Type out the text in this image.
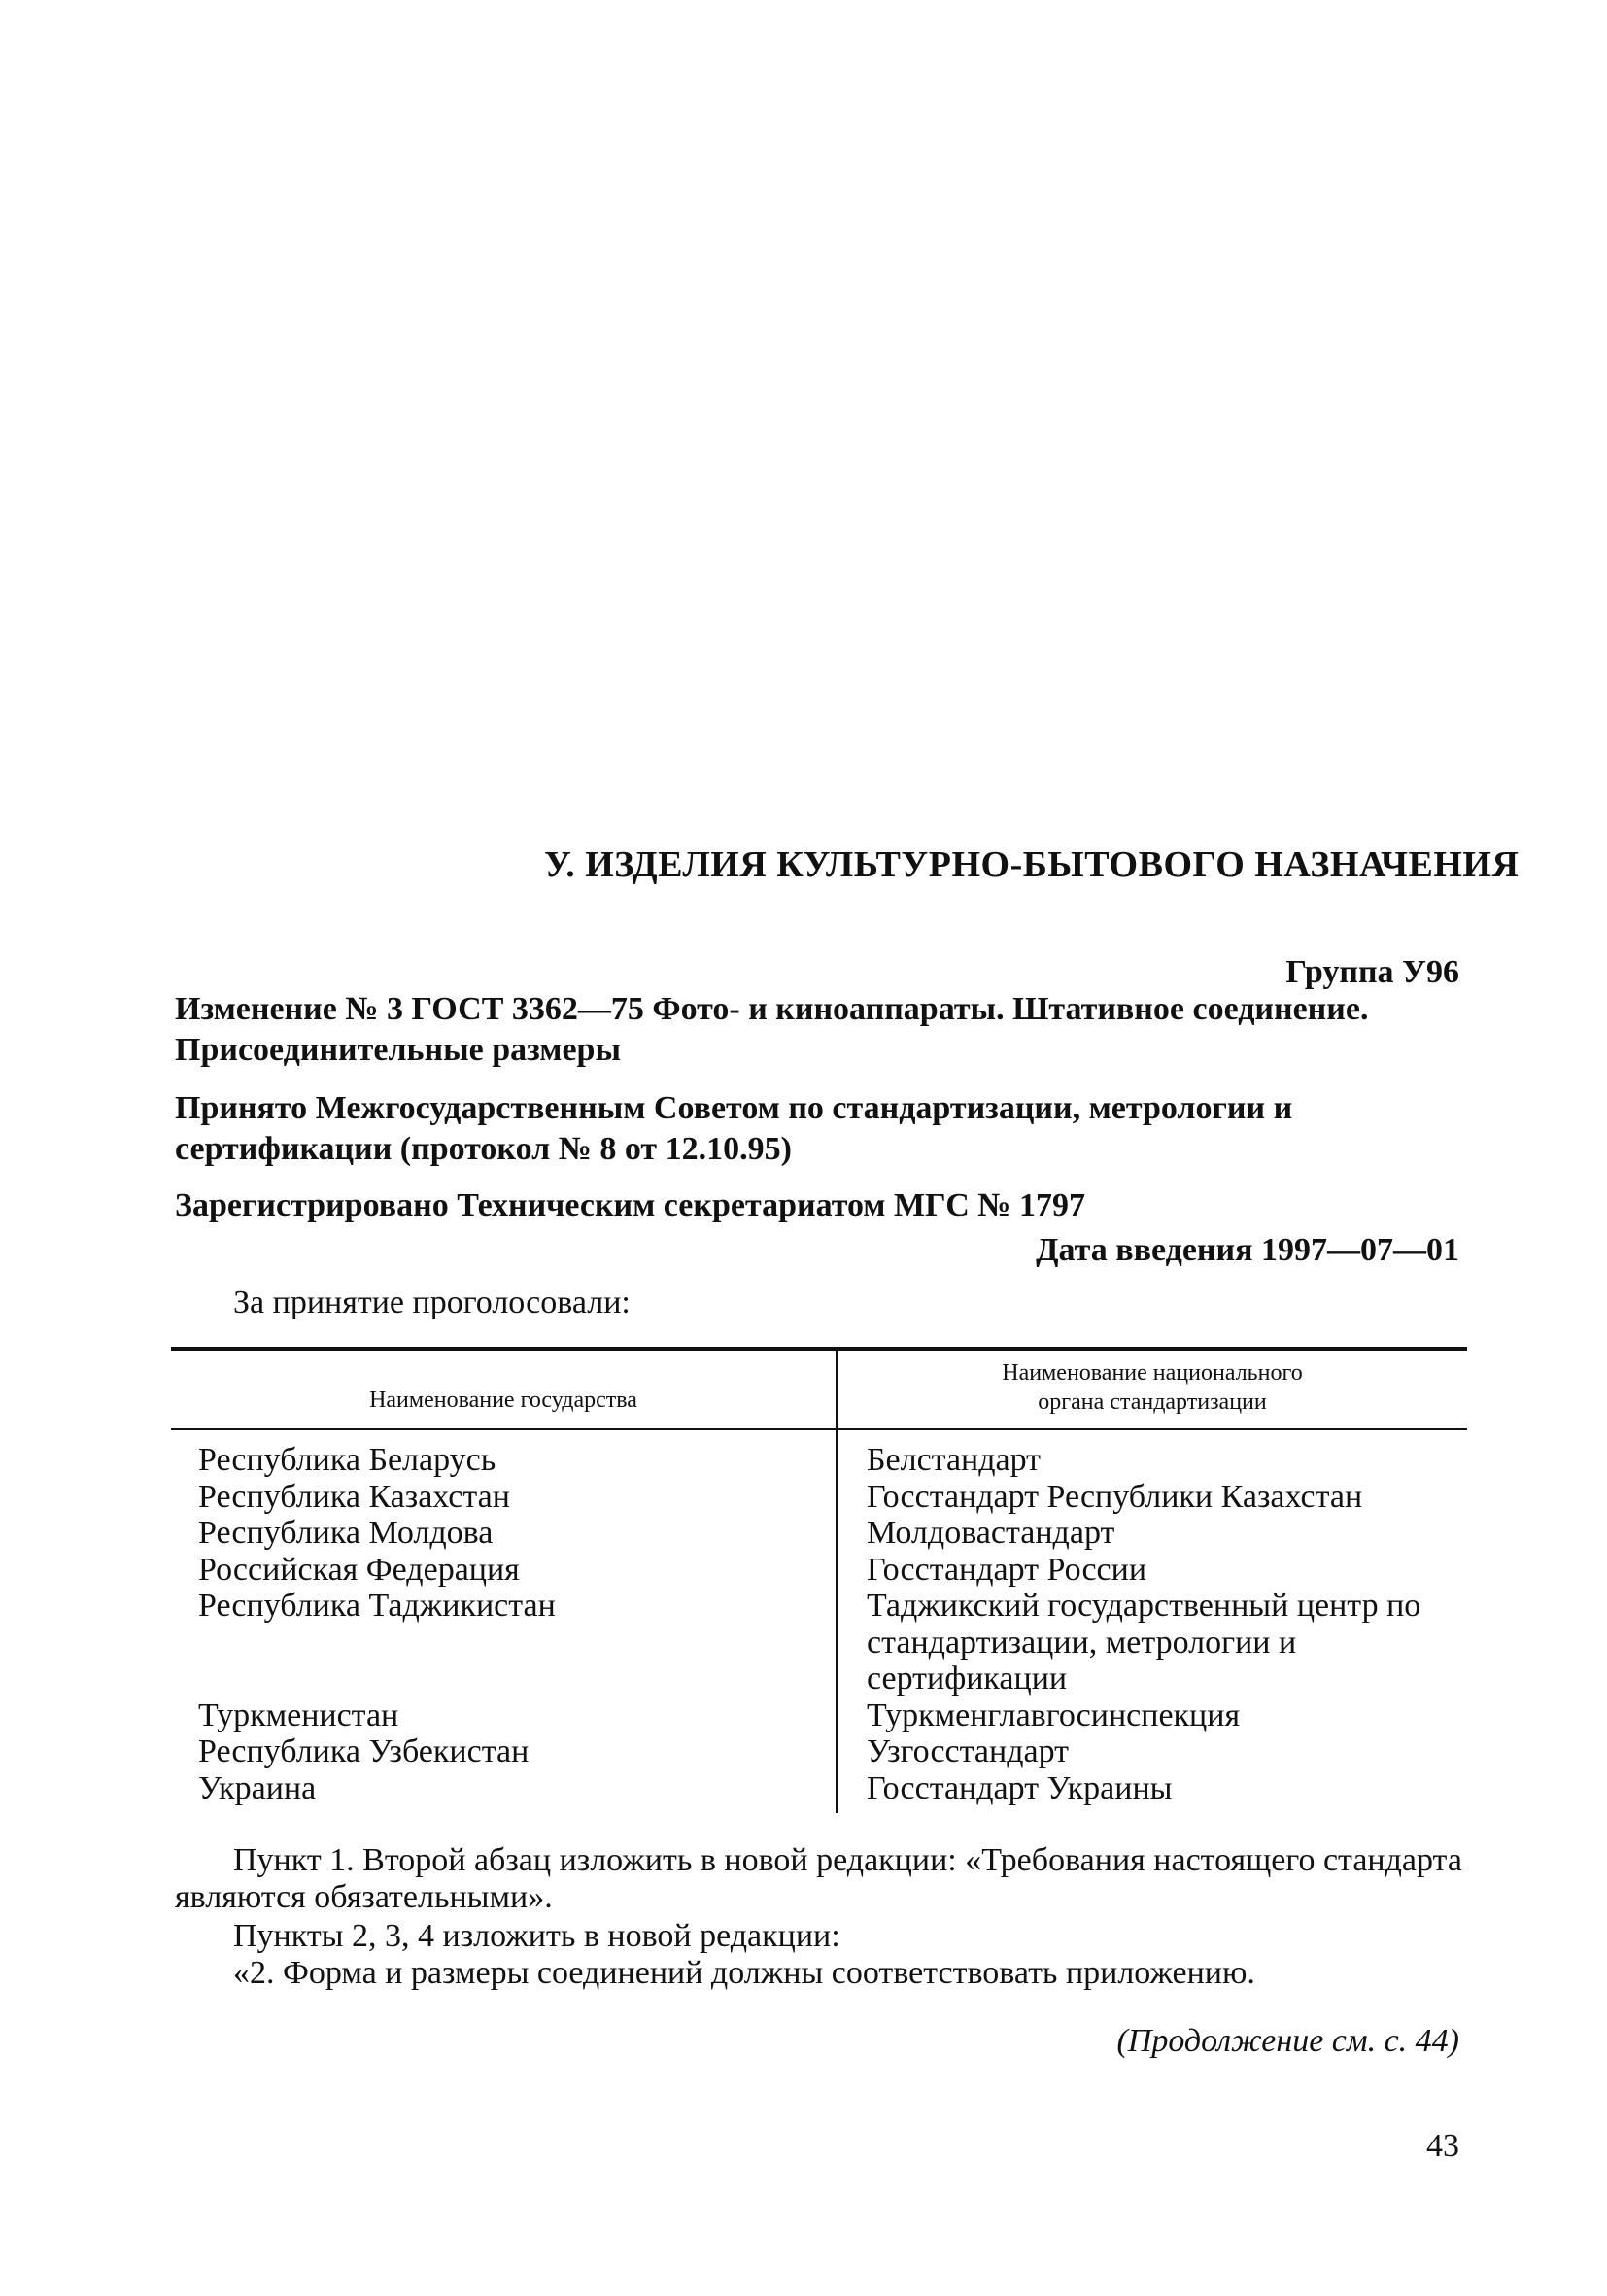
У. ИЗДЕЛИЯ КУЛЬТУРНО-БЫТОВОГО НАЗНАЧЕНИЯ
Группа У96
Изменение № 3 ГОСТ 3362—75 Фото- и киноаппараты. Штативное соединение. Присоединительные размеры
Принято Межгосударственным Советом по стандартизации, метрологии и сертификации (протокол № 8 от 12.10.95)
Зарегистрировано Техническим секретариатом МГС № 1797
Дата введения 1997—07—01
За принятие проголосовали:
Наименование государства
Наименование национального
органа стандартизации
Республика Беларусь
Республика Казахстан
Республика Молдова
Российская Федерация
Республика Таджикистан
Туркменистан
Республика Узбекистан
Украина
Белстандарт
Госстандарт Республики Казахстан
Молдовастандарт
Госстандарт России
Таджикский государственный центр по стандартизации, метрологии и сертификации
Туркменглавгосинспекция
Узгосстандарт
Госстандарт Украины
Пункт 1. Второй абзац изложить в новой редакции: «Требования настоящего стандарта являются обязательными».
Пункты 2, 3, 4 изложить в новой редакции:
«2. Форма и размеры соединений должны соответствовать приложению.
(Продолжение см. с. 44)
43
